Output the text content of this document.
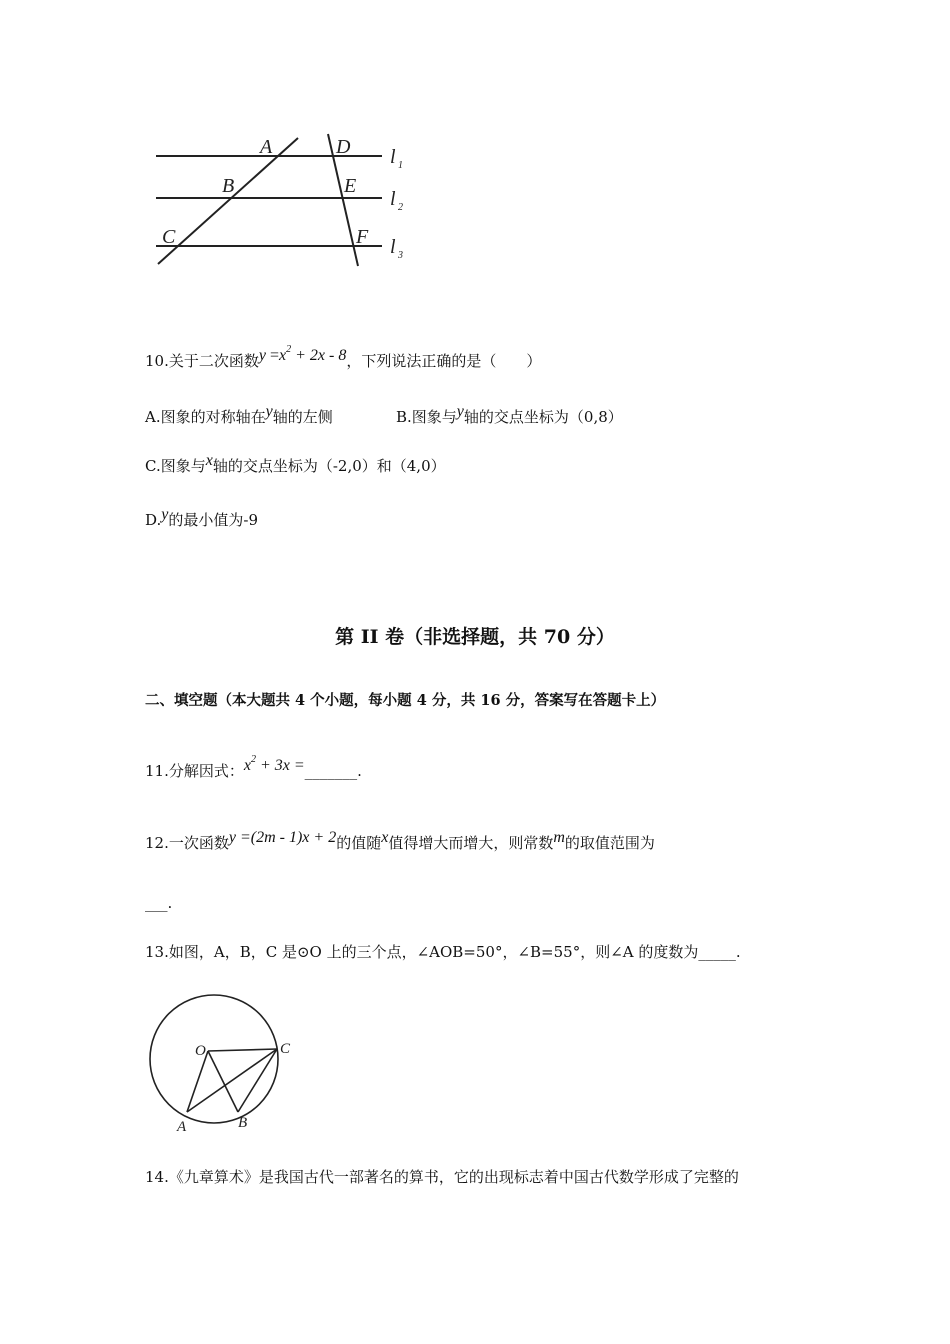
A	D
B	E
C	F
l 1
l 2
l 3
10.关于二次函数$y =x^2 + 2x - 8$，下列说法正确的是（　　）
A.图象的对称轴在y轴的左侧	B.图象与y轴的交点坐标为（0,8）
C.图象与x轴的交点坐标为（-2,0）和（4,0）
D.y的最小值为-9
第 II 卷（非选择题，共 70 分）
二、填空题（本大题共 4 个小题，每小题 4 分，共 16 分，答案写在答题卡上）
11.分解因式：$x^2 + 3x$ =_______.
12.一次函数y =(2m - 1)x + 2的值随x值得增大而增大，则常数m的取值范围为
___.
13.如图，A，B，C 是⊙O 上的三个点，∠AOB=50°，∠B=55°，则∠A 的度数为_____.
O	C
A	B
14.《九章算术》是我国古代一部著名的算书，它的出现标志着中国古代数学形成了完整的
